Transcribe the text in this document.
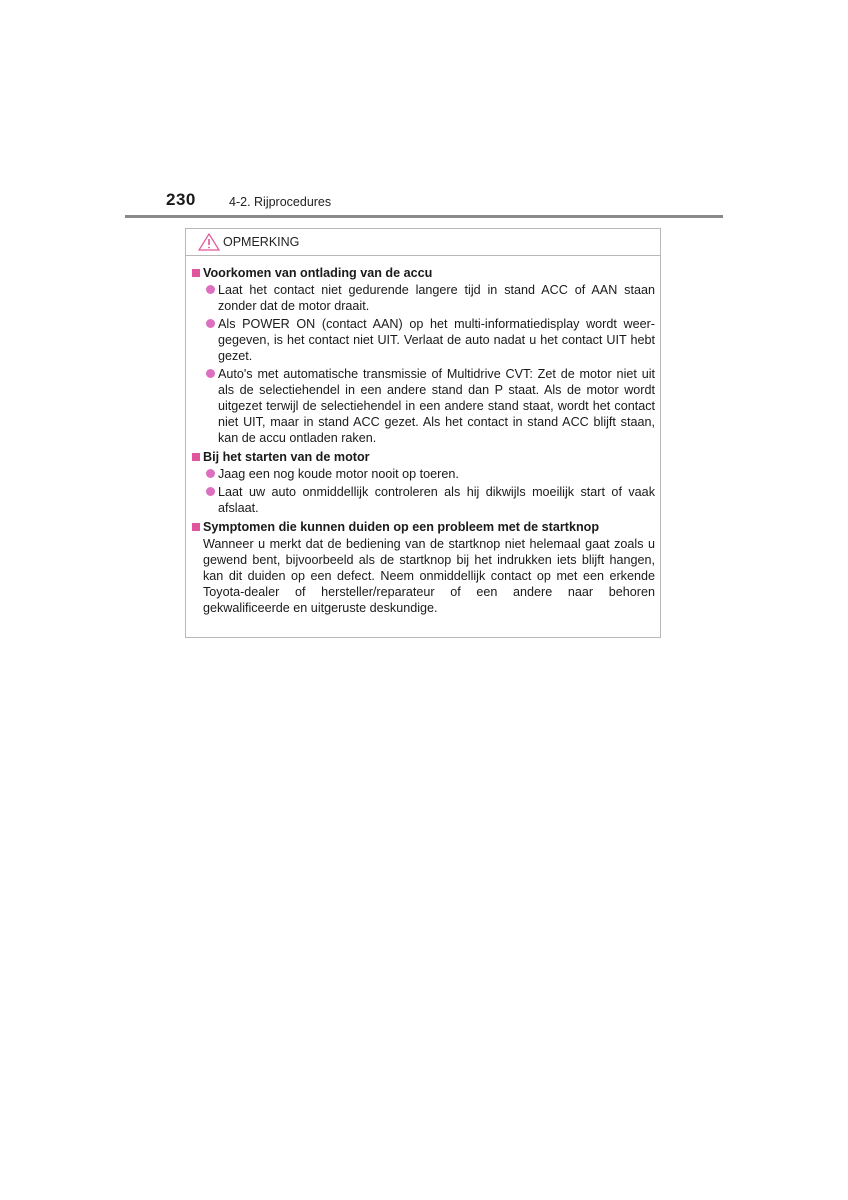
230	4-2. Rijprocedures
OPMERKING
Voorkomen van ontlading van de accu
Laat het contact niet gedurende langere tijd in stand ACC of AAN staan zonder dat de motor draait.
Als POWER ON (contact AAN) op het multi-informatiedisplay wordt weer-gegeven, is het contact niet UIT. Verlaat de auto nadat u het contact UIT hebt gezet.
Auto's met automatische transmissie of Multidrive CVT: Zet de motor niet uit als de selectiehendel in een andere stand dan P staat. Als de motor wordt uitgezet terwijl de selectiehendel in een andere stand staat, wordt het contact niet UIT, maar in stand ACC gezet. Als het contact in stand ACC blijft staan, kan de accu ontladen raken.
Bij het starten van de motor
Jaag een nog koude motor nooit op toeren.
Laat uw auto onmiddellijk controleren als hij dikwijls moeilijk start of vaak afslaat.
Symptomen die kunnen duiden op een probleem met de startknop
Wanneer u merkt dat de bediening van de startknop niet helemaal gaat zoals u gewend bent, bijvoorbeeld als de startknop bij het indrukken iets blijft hangen, kan dit duiden op een defect. Neem onmiddellijk contact op met een erkende Toyota-dealer of hersteller/reparateur of een andere naar behoren gekwalificeerde en uitgeruste deskundige.
